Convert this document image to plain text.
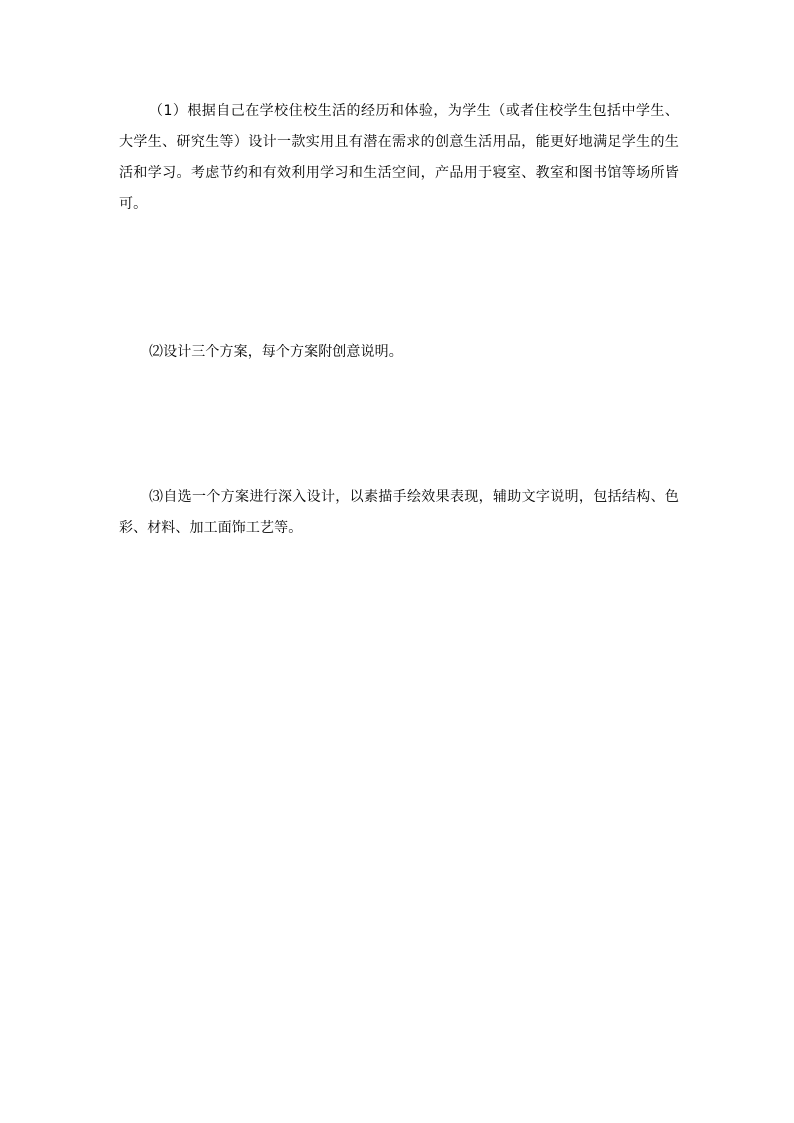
（1）根据自己在学校住校生活的经历和体验，为学生（或者住校学生包括中学生、大学生、研究生等）设计一款实用且有潜在需求的创意生活用品，能更好地满足学生的生活和学习。考虑节约和有效利用学习和生活空间，产品用于寝室、教室和图书馆等场所皆可。

⑵设计三个方案，每个方案附创意说明。

⑶自选一个方案进行深入设计，以素描手绘效果表现，辅助文字说明，包括结构、色彩、材料、加工面饰工艺等。
